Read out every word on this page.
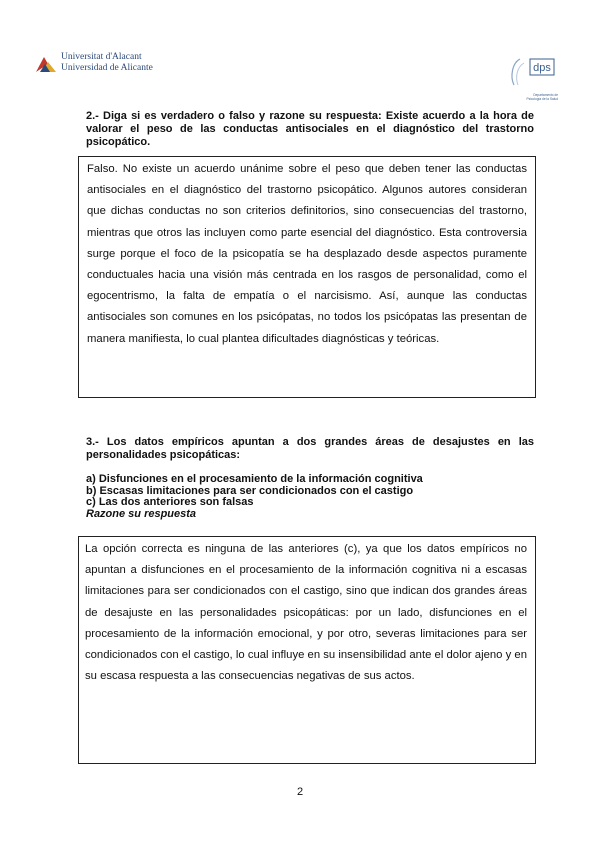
Universitat d'Alacant
Universidad de Alicante	dps
Departamento de
Psicología de la Salud

2.- Diga si es verdadero o falso y razone su respuesta: Existe acuerdo a la hora de valorar el peso de las conductas antisociales en el diagnóstico del trastorno psicopático.

Falso. No existe un acuerdo unánime sobre el peso que deben tener las conductas antisociales en el diagnóstico del trastorno psicopático. Algunos autores consideran que dichas conductas no son criterios definitorios, sino consecuencias del trastorno, mientras que otros las incluyen como parte esencial del diagnóstico. Esta controversia surge porque el foco de la psicopatía se ha desplazado desde aspectos puramente conductuales hacia una visión más centrada en los rasgos de personalidad, como el egocentrismo, la falta de empatía o el narcisismo. Así, aunque las conductas antisociales son comunes en los psicópatas, no todos los psicópatas las presentan de manera manifiesta, lo cual plantea dificultades diagnósticas y teóricas.

3.- Los datos empíricos apuntan a dos grandes áreas de desajustes en las personalidades psicopáticas:

a) Disfunciones en el procesamiento de la información cognitiva
b) Escasas limitaciones para ser condicionados con el castigo
c) Las dos anteriores son falsas
Razone su respuesta
La opción correcta es ninguna de las anteriores (c), ya que los datos empíricos no apuntan a disfunciones en el procesamiento de la información cognitiva ni a escasas limitaciones para ser condicionados con el castigo, sino que indican dos grandes áreas de desajuste en las personalidades psicopáticas: por un lado, disfunciones en el procesamiento de la información emocional, y por otro, severas limitaciones para ser condicionados con el castigo, lo cual influye en su insensibilidad ante el dolor ajeno y en su escasa respuesta a las consecuencias negativas de sus actos.
2
